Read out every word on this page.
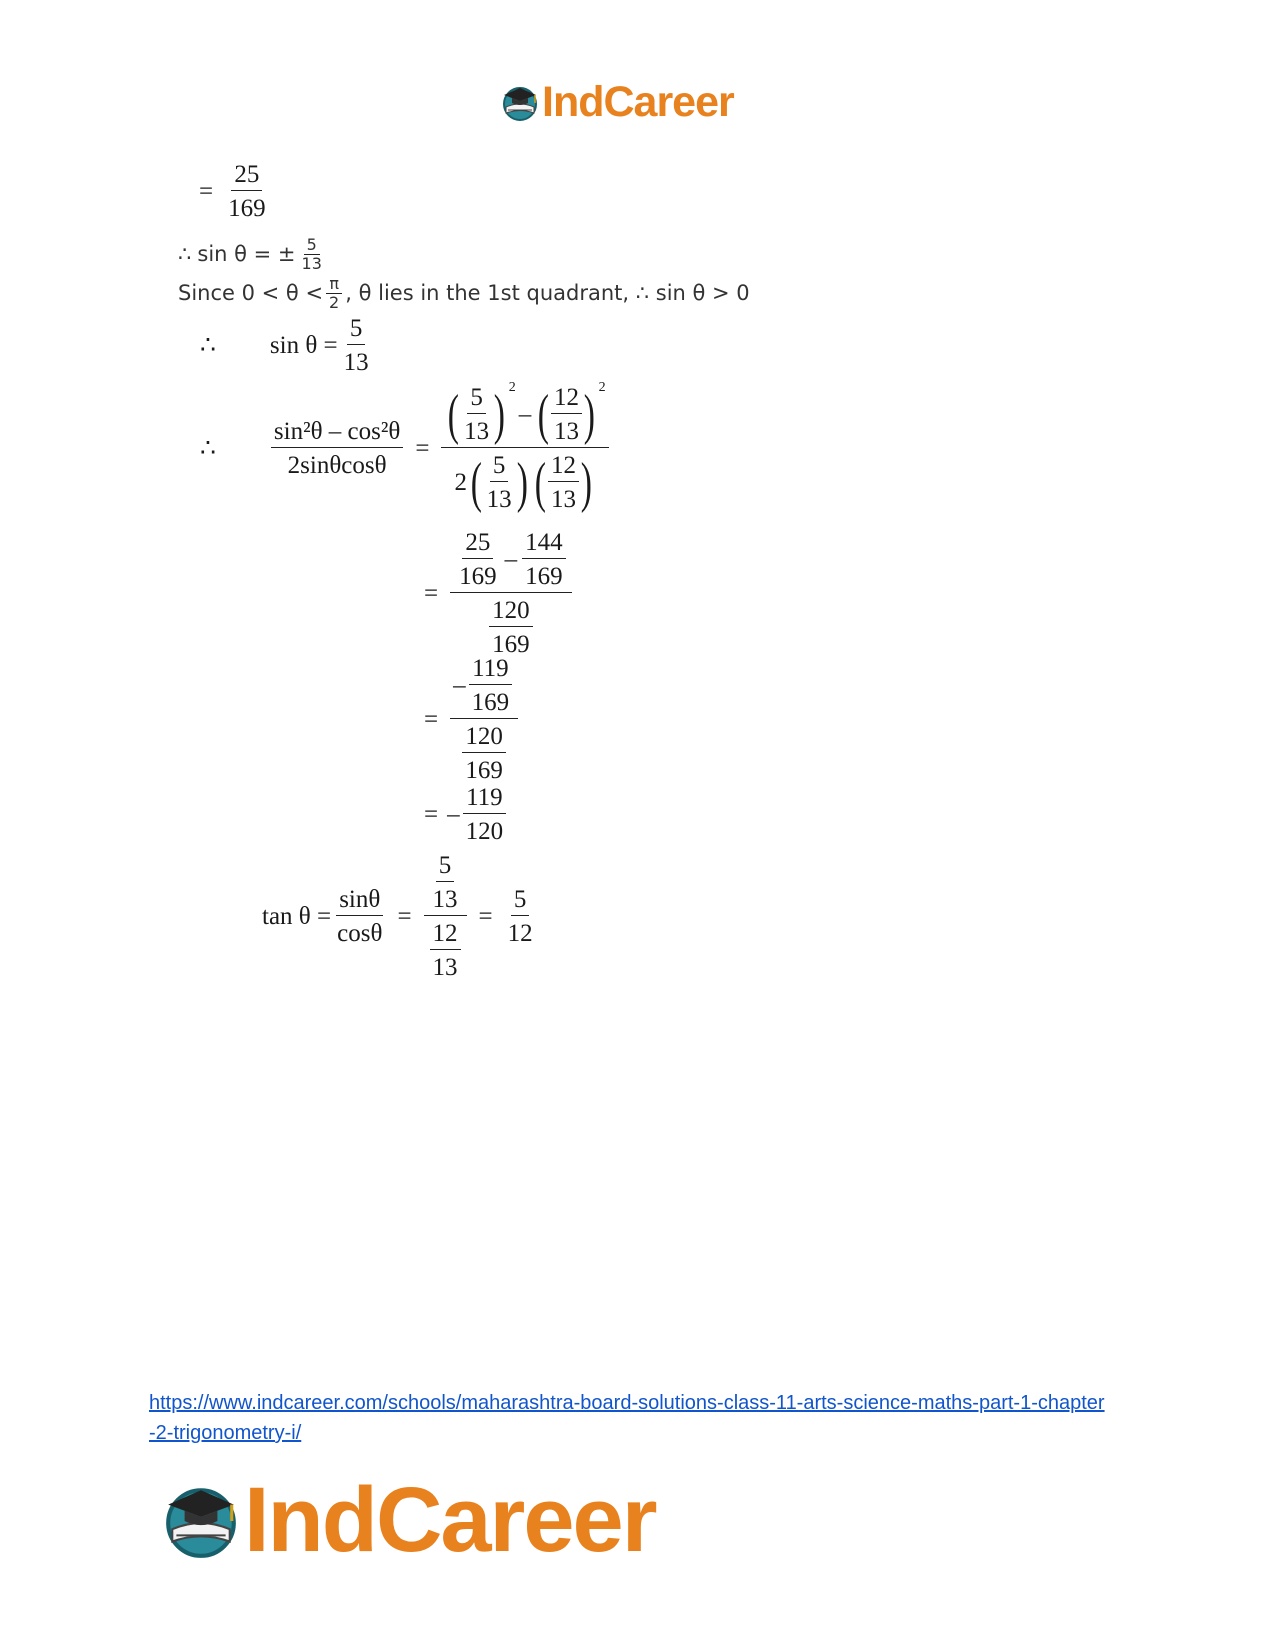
IndCareer
= $\frac{25}{169}$
∴ sin θ = ± $\frac{5}{13}$
Since $0 < \theta < \frac{\pi}{2}$ , θ lies in the 1st quadrant, ∴ sin θ > 0
∴ $\sin \theta = \frac{5}{13}$
∴ $\frac{\text{sin²θ – cos²θ}}{2\sin\theta\cos\theta}$ =
( $\frac{5}{13}$ ) 2
– ( $\frac{12}{13}$ ) 2
2 ( $\frac{5}{13}$ ) ( $\frac{12}{13}$ )
= $\frac{\frac{25}{169} - \frac{144}{169}}{\frac{120}{169}}$
= $\frac{- \frac{119}{169}}{\frac{120}{169}}$
= – $\frac{119}{120}$
$\tan \theta = \frac{\sin\theta}{\cos\theta} = \frac{\frac{5}{13}}{\frac{12}{13}} = \frac{5}{12}$
https://www.indcareer.com/schools/maharashtra-board-solutions-class-11-arts-science-maths-part-1-chapter-2-trigonometry-i/
IndCareer
